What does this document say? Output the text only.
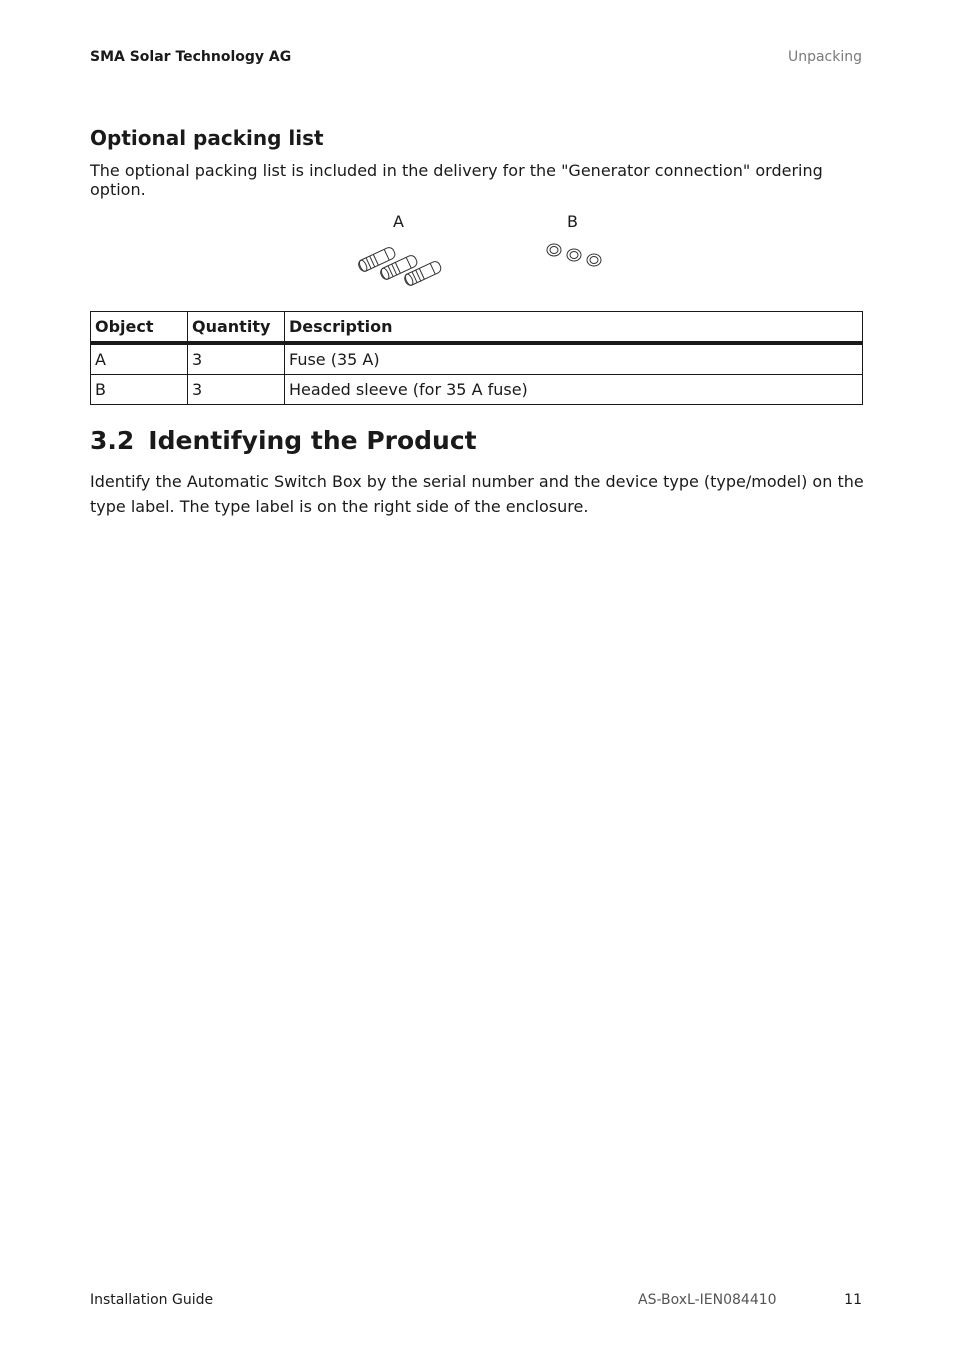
SMA Solar Technology AG	Unpacking
Optional packing list
The optional packing list is included in the delivery for the "Generator connection" ordering option.
A	B
Object	Quantity	Description
A	3	Fuse (35 A)
B	3	Headed sleeve (for 35 A fuse)
3.2 Identifying the Product
Identify the Automatic Switch Box by the serial number and the device type (type/model) on the type label. The type label is on the right side of the enclosure.
Installation Guide	AS-BoxL-IEN084410	11
